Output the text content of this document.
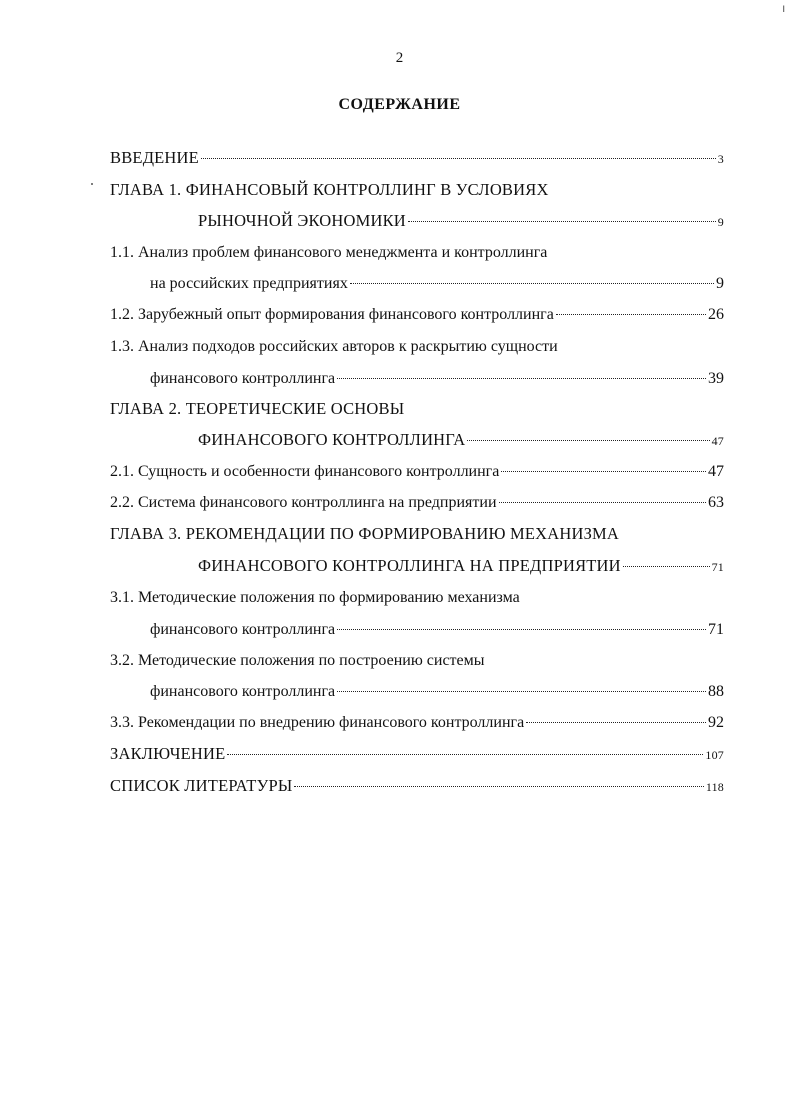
I
2
СОДЕРЖАНИЕ
ВВЕДЕНИЕ	3
ГЛАВА 1. ФИНАНСОВЫЙ КОНТРОЛЛИНГ В УСЛОВИЯХ
РЫНОЧНОЙ ЭКОНОМИКИ	9
1.1. Анализ проблем финансового менеджмента и контроллинга
на российских предприятиях	9
1.2. Зарубежный опыт формирования финансового контроллинга	26
1.3. Анализ подходов российских авторов к раскрытию сущности
финансового контроллинга	39
ГЛАВА 2. ТЕОРЕТИЧЕСКИЕ ОСНОВЫ
ФИНАНСОВОГО КОНТРОЛЛИНГА	47
2.1. Сущность и особенности финансового контроллинга	47
2.2. Система финансового контроллинга на предприятии	63
ГЛАВА 3. РЕКОМЕНДАЦИИ ПО ФОРМИРОВАНИЮ МЕХАНИЗМА
ФИНАНСОВОГО КОНТРОЛЛИНГА НА ПРЕДПРИЯТИИ	71
3.1. Методические положения по формированию механизма
финансового контроллинга	71
3.2. Методические положения по построению системы
финансового контроллинга	88
3.3. Рекомендации по внедрению финансового контроллинга	92
ЗАКЛЮЧЕНИЕ	107
СПИСОК ЛИТЕРАТУРЫ	118
